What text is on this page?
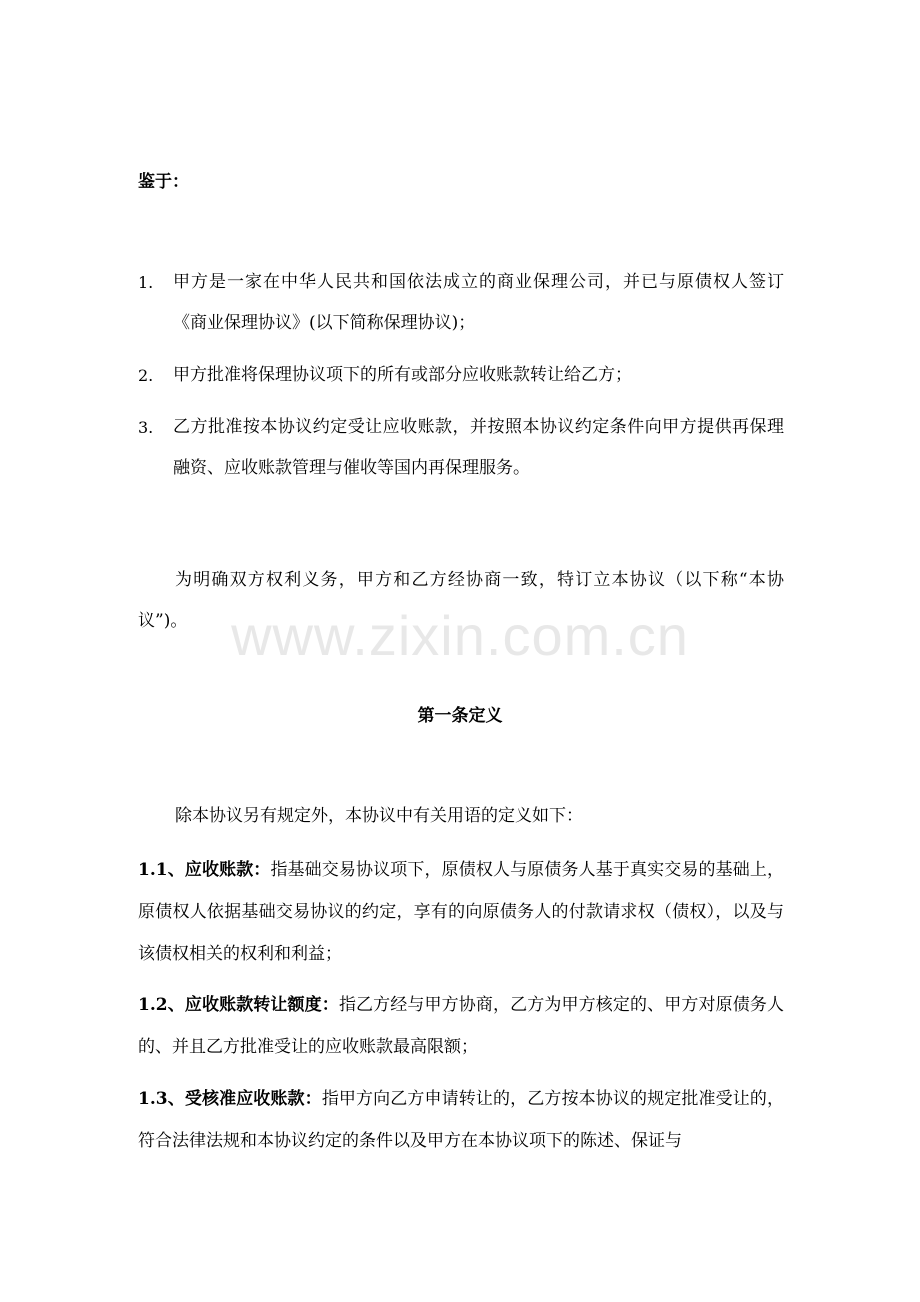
www.zixin.com.cn
鉴于：
1.	甲方是一家在中华人民共和国依法成立的商业保理公司，并已与原债权人签订《商业保理协议》(以下简称保理协议)；
2.	甲方批准将保理协议项下的所有或部分应收账款转让给乙方；
3.	乙方批准按本协议约定受让应收账款，并按照本协议约定条件向甲方提供再保理融资、应收账款管理与催收等国内再保理服务。
为明确双方权利义务，甲方和乙方经协商一致，特订立本协议（以下称“本协议”)。
第一条定义
除本协议另有规定外，本协议中有关用语的定义如下：
1.1、应收账款：指基础交易协议项下，原债权人与原债务人基于真实交易的基础上，原债权人依据基础交易协议的约定，享有的向原债务人的付款请求权（债权），以及与该债权相关的权利和利益；
1.2、应收账款转让额度：指乙方经与甲方协商，乙方为甲方核定的、甲方对原债务人的、并且乙方批准受让的应收账款最高限额；
1.3、受核准应收账款：指甲方向乙方申请转让的，乙方按本协议的规定批准受让的，符合法律法规和本协议约定的条件以及甲方在本协议项下的陈述、保证与
